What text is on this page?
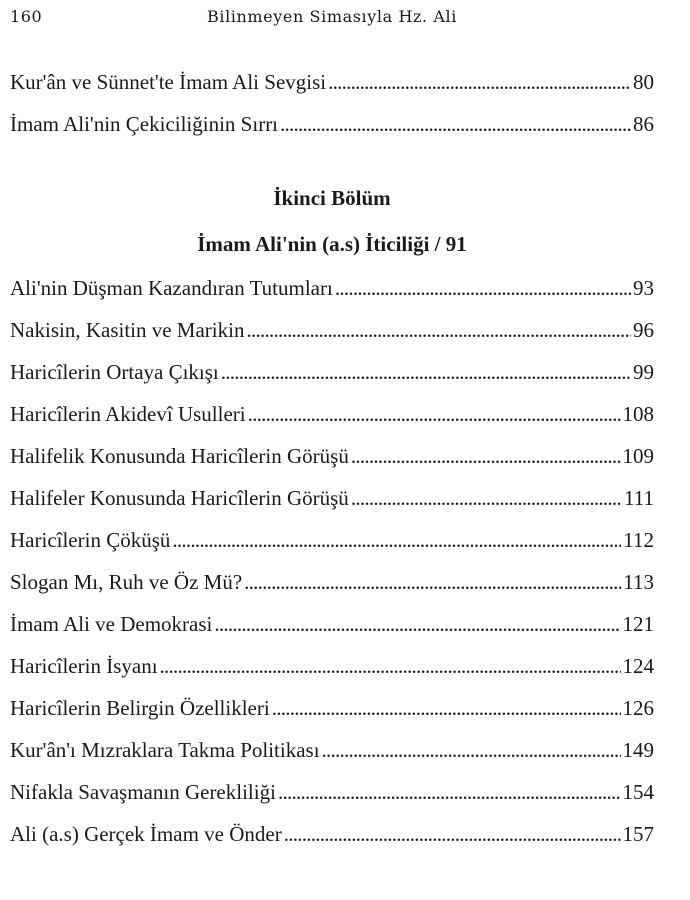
160	Bilinmeyen Simasıyla Hz. Ali
Kur'ân ve Sünnet'te İmam Ali Sevgisi . . .	80
İmam Ali'nin Çekiciliğinin Sırrı . . .	86
İkinci Bölüm
İmam Ali'nin (a.s) İticiliği / 91
Ali'nin Düşman Kazandıran Tutumları . . .	93
Nakisin, Kasitin ve Marikin . . .	96
Haricîlerin Ortaya Çıkışı . . .	99
Haricîlerin Akidevî Usulleri . . .	108
Halifelik Konusunda Haricîlerin Görüşü . . .	109
Halifeler Konusunda Haricîlerin Görüşü . . .	111
Haricîlerin Çöküşü . . .	112
Slogan Mı, Ruh ve Öz Mü? . . .	113
İmam Ali ve Demokrasi . . .	121
Haricîlerin İsyanı . . .	124
Haricîlerin Belirgin Özellikleri . . .	126
Kur'ân'ı Mızraklara Takma Politikası . . .	149
Nifakla Savaşmanın Gerekliliği . . .	154
Ali (a.s) Gerçek İmam ve Önder . . .	157
